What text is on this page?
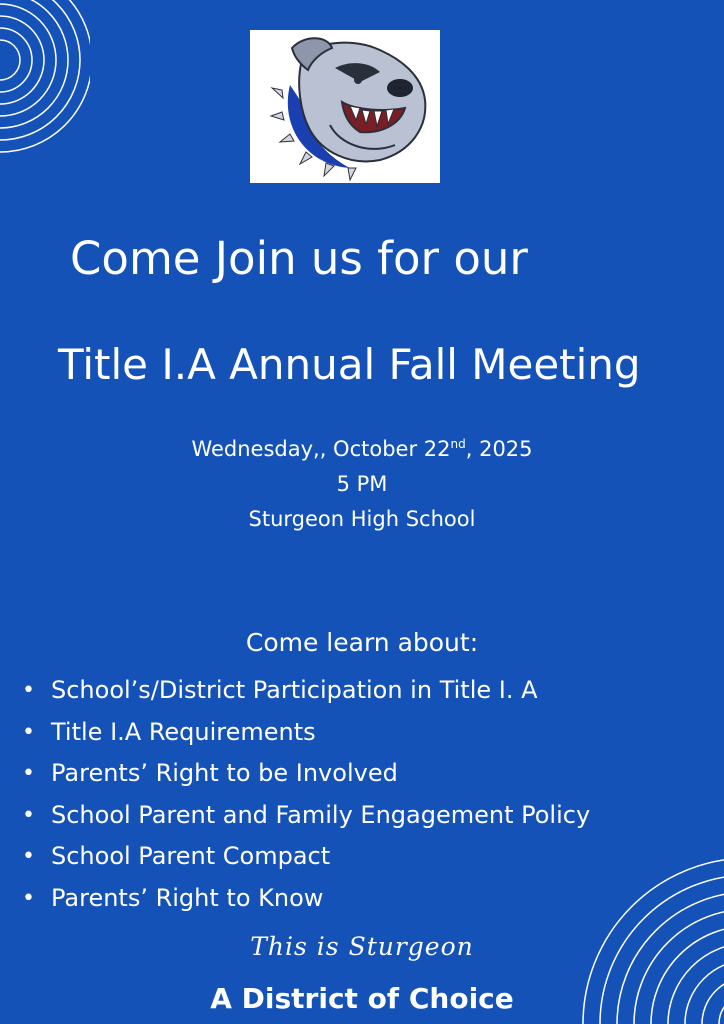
Come Join us for our
Title I.A Annual Fall Meeting
Wednesday,, October 22nd, 2025
5 PM
Sturgeon High School
Come learn about:
• School’s/District Participation in Title I. A
• Title I.A Requirements
• Parents’ Right to be Involved
• School Parent and Family Engagement Policy
• School Parent Compact
• Parents’ Right to Know
This is Sturgeon
A District of Choice
